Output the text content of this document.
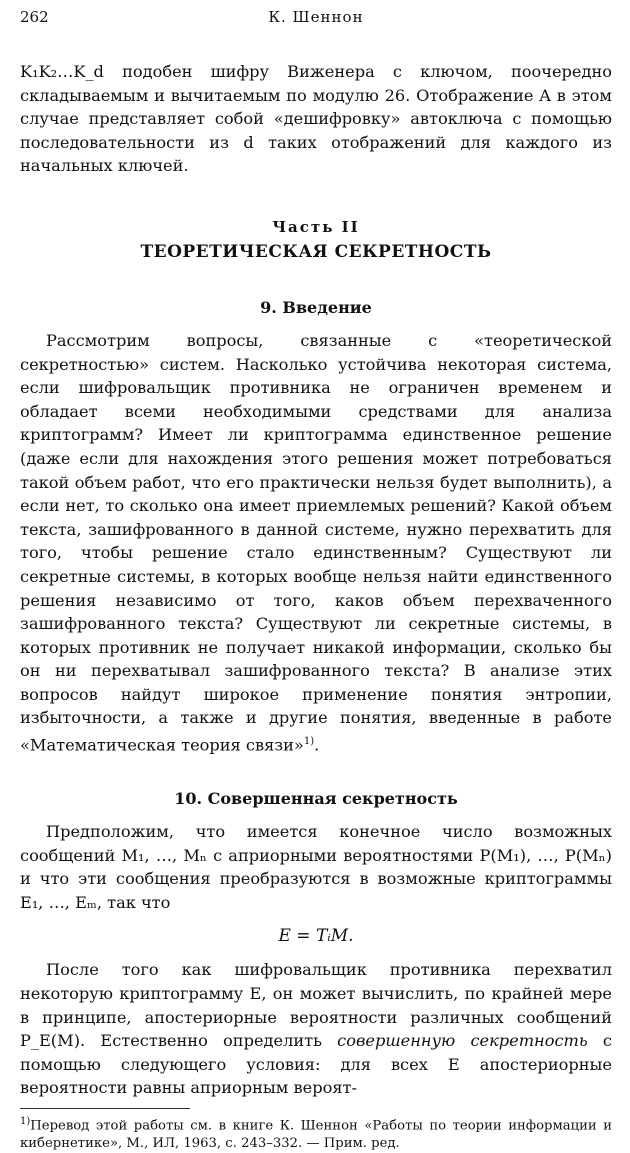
262	К. Шеннон

K₁K₂…K_d подобен шифру Виженера с ключом, поочередно складываемым и вычитаемым по модулю 26. Отображение A в этом случае представляет собой «дешифровку» автоключа с помощью последовательности из d таких отображений для каждого из начальных ключей.

Часть II
ТЕОРЕТИЧЕСКАЯ СЕКРЕТНОСТЬ
9. Введение

Рассмотрим вопросы, связанные с «теоретической секретностью» систем. Насколько устойчива некоторая система, если шифровальщик противника не ограничен временем и обладает всеми необходимыми средствами для анализа криптограмм? Имеет ли криптограмма единственное решение (даже если для нахождения этого решения может потребоваться такой объем работ, что его практически нельзя будет выполнить), а если нет, то сколько она имеет приемлемых решений? Какой объем текста, зашифрованного в данной системе, нужно перехватить для того, чтобы решение стало единственным? Существуют ли секретные системы, в которых вообще нельзя найти единственного решения независимо от того, каков объем перехваченного зашифрованного текста? Существуют ли секретные системы, в которых противник не получает никакой информации, сколько бы он ни перехватывал зашифрованного текста? В анализе этих вопросов найдут широкое применение понятия энтропии, избыточности, а также и другие понятия, введенные в работе «Математическая теория связи»$^{1)}$.

10. Совершенная секретность

Предположим, что имеется конечное число возможных сообщений M₁, …, Mₙ с априорными вероятностями P(M₁), …, P(Mₙ) и что эти сообщения преобразуются в возможные криптограммы E₁, …, Eₘ, так что

E = TᵢM.

После того как шифровальщик противника перехватил некоторую криптограмму E, он может вычислить, по крайней мере в принципе, апостериорные вероятности различных сообщений P_E(M). Естественно определить совершенную секретность с помощью следующего условия: для всех E апостериорные вероятности равны априорным вероят-

$^{1)}$Перевод этой работы см. в книге К. Шеннон «Работы по теории информации и кибернетике», М., ИЛ, 1963, с. 243–332. — Прим. ред.
